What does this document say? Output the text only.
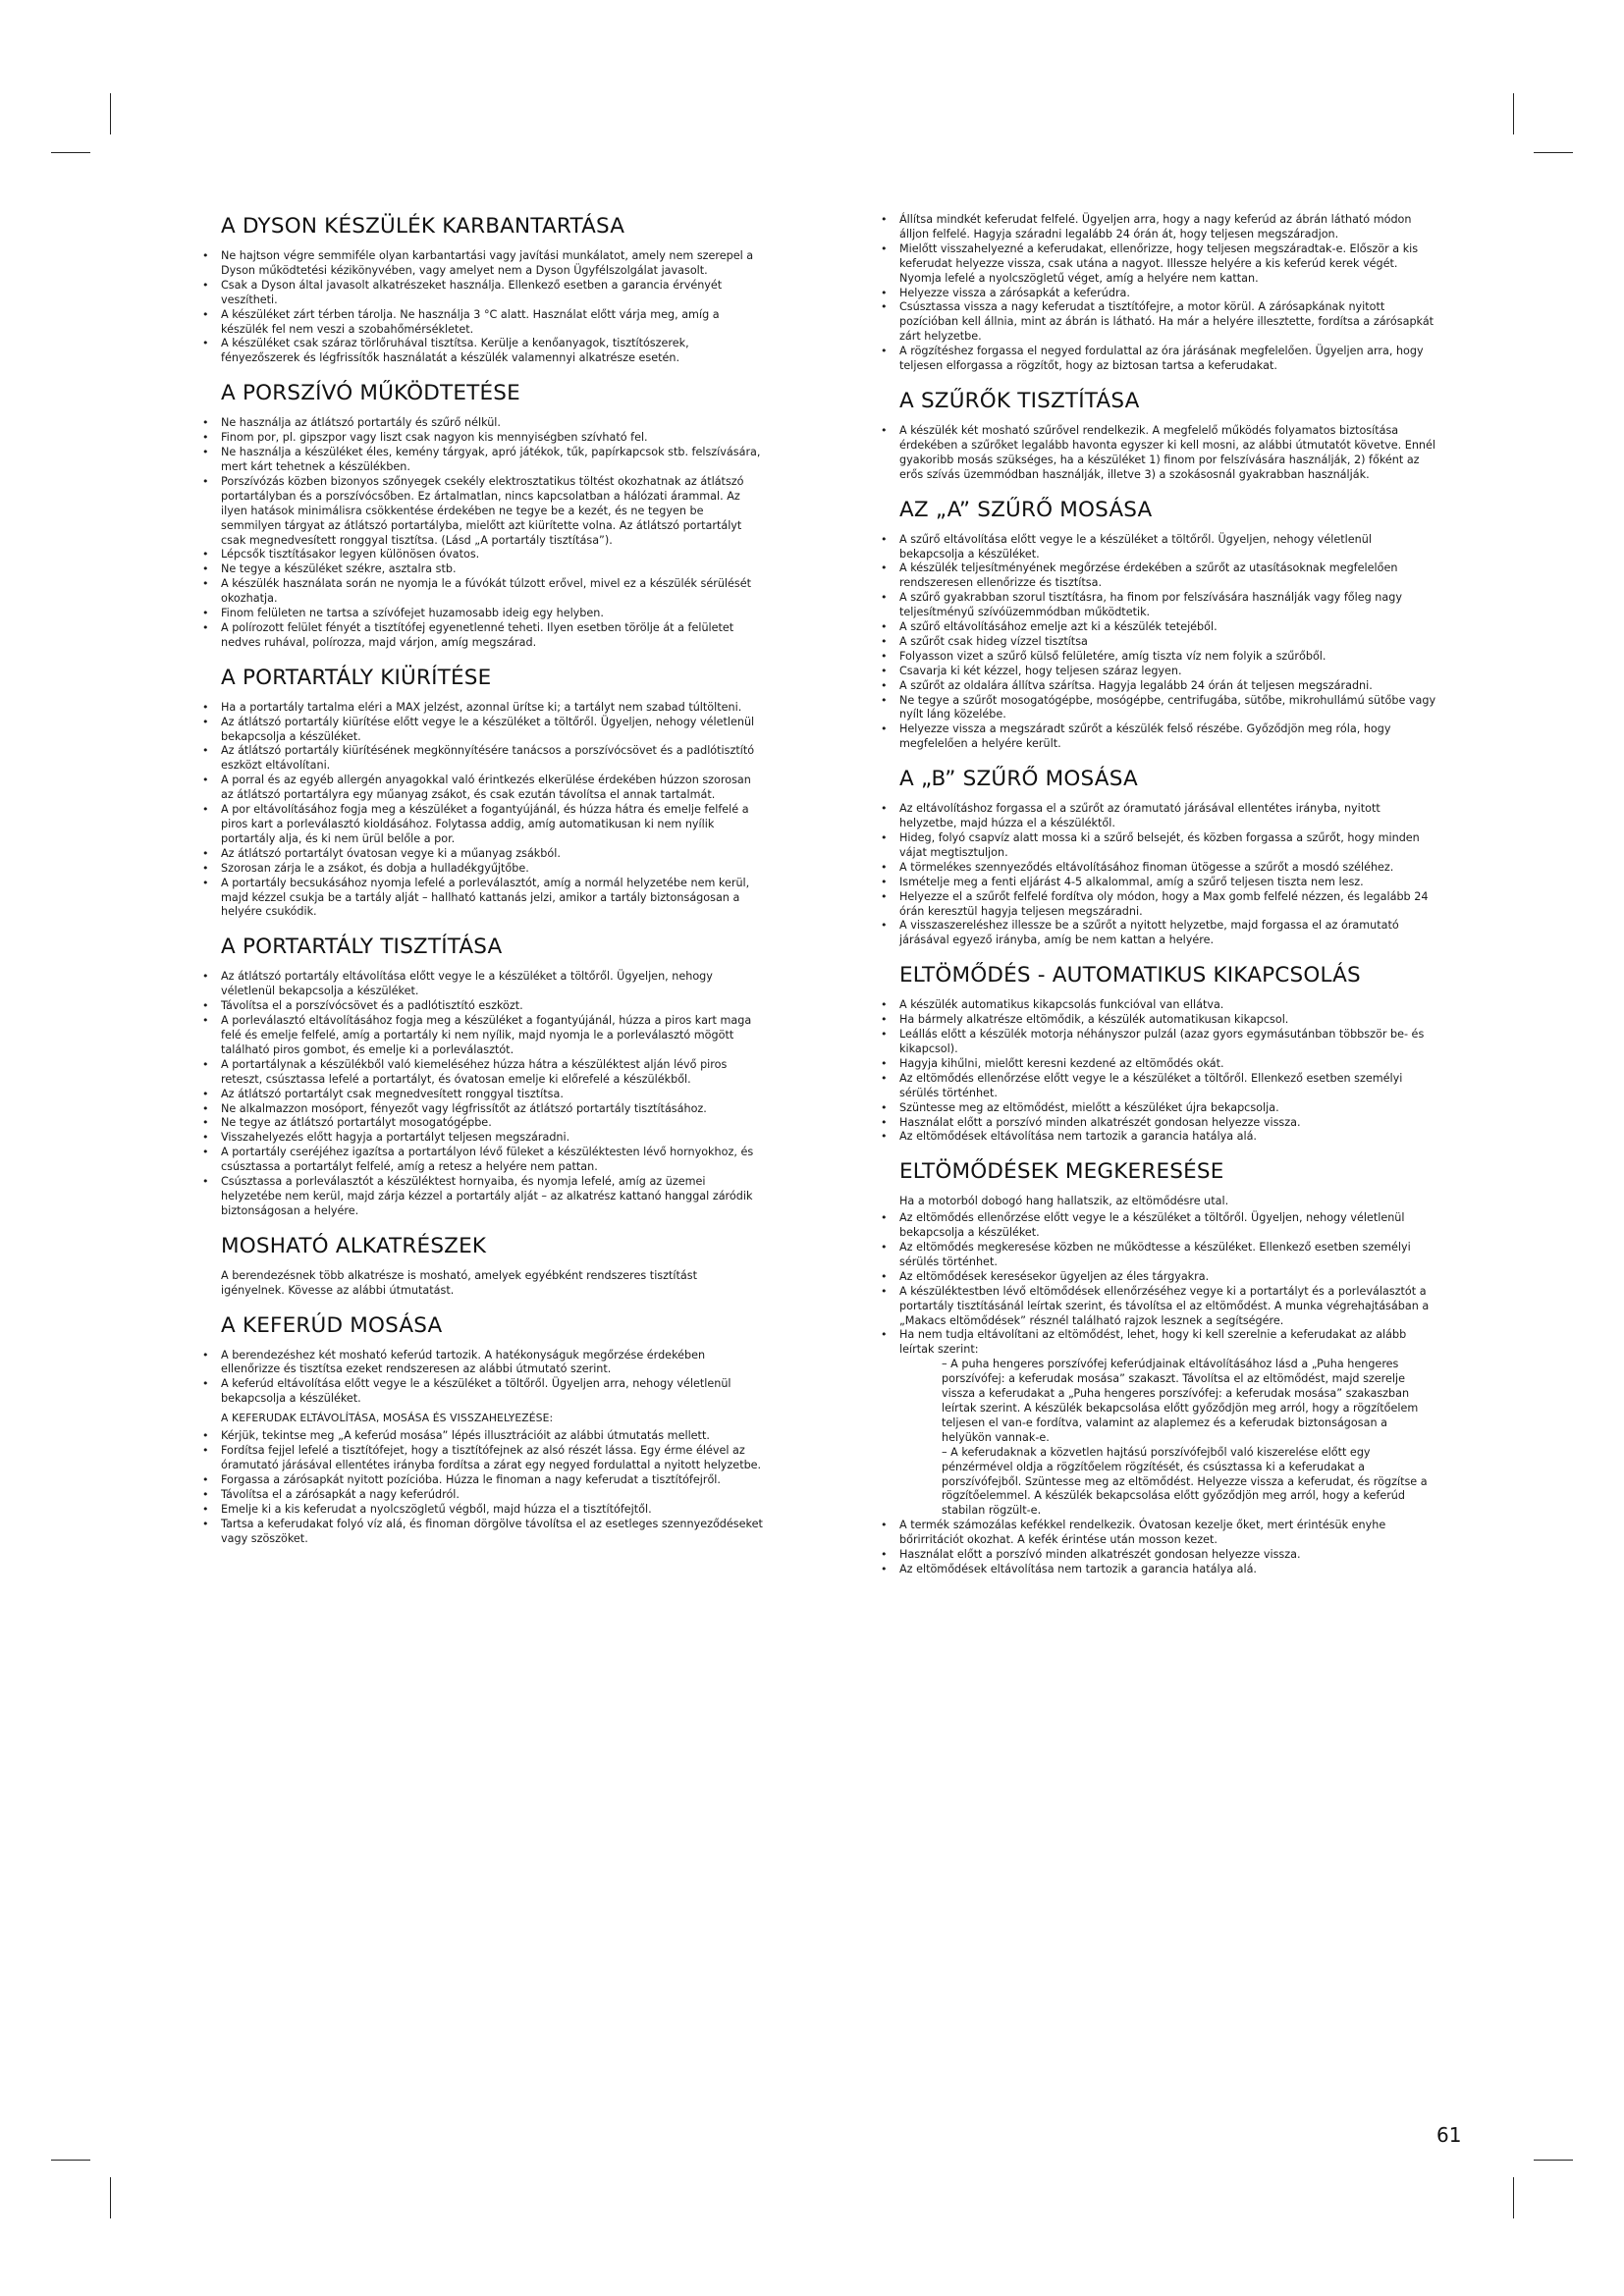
A DYSON KÉSZÜLÉK KARBANTARTÁSA
• Ne hajtson végre semmiféle olyan karbantartási vagy javítási munkálatot, amely nem szerepel a Dyson működtetési kézikönyvében, vagy amelyet nem a Dyson Ügyfélszolgálat javasolt.
• Csak a Dyson által javasolt alkatrészeket használja. Ellenkező esetben a garancia érvényét veszítheti.
• A készüléket zárt térben tárolja. Ne használja 3 °C alatt. Használat előtt várja meg, amíg a készülék fel nem veszi a szobahőmérsékletet.
• A készüléket csak száraz törlőruhával tisztítsa. Kerülje a kenőanyagok, tisztítószerek, fényezőszerek és légfrissítők használatát a készülék valamennyi alkatrésze esetén.
A PORSZÍVÓ MŰKÖDTETÉSE
• Ne használja az átlátszó portartály és szűrő nélkül.
• Finom por, pl. gipszpor vagy liszt csak nagyon kis mennyiségben szívható fel.
• Ne használja a készüléket éles, kemény tárgyak, apró játékok, tűk, papírkapcsok stb. felszívására, mert kárt tehetnek a készülékben.
• Porszívózás közben bizonyos szőnyegek csekély elektrosztatikus töltést okozhatnak az átlátszó portartályban és a porszívócsőben. Ez ártalmatlan, nincs kapcsolatban a hálózati árammal. Az ilyen hatások minimálisra csökkentése érdekében ne tegye be a kezét, és ne tegyen be semmilyen tárgyat az átlátszó portartályba, mielőtt azt kiürítette volna. Az átlátszó portartályt csak megnedvesített ronggyal tisztítsa. (Lásd „A portartály tisztítása”).
• Lépcsők tisztításakor legyen különösen óvatos.
• Ne tegye a készüléket székre, asztalra stb.
• A készülék használata során ne nyomja le a fúvókát túlzott erővel, mivel ez a készülék sérülését okozhatja.
• Finom felületen ne tartsa a szívófejet huzamosabb ideig egy helyben.
• A polírozott felület fényét a tisztítófej egyenetlenné teheti. Ilyen esetben törölje át a felületet nedves ruhával, polírozza, majd várjon, amíg megszárad.
A PORTARTÁLY KIÜRÍTÉSE
• Ha a portartály tartalma eléri a MAX jelzést, azonnal ürítse ki; a tartályt nem szabad túltölteni.
• Az átlátszó portartály kiürítése előtt vegye le a készüléket a töltőről. Ügyeljen, nehogy véletlenül bekapcsolja a készüléket.
• Az átlátszó portartály kiürítésének megkönnyítésére tanácsos a porszívócsövet és a padlótisztító eszközt eltávolítani.
• A porral és az egyéb allergén anyagokkal való érintkezés elkerülése érdekében húzzon szorosan az átlátszó portartályra egy műanyag zsákot, és csak ezután távolítsa el annak tartalmát.
• A por eltávolításához fogja meg a készüléket a fogantyújánál, és húzza hátra és emelje felfelé a piros kart a porleválasztó kioldásához. Folytassa addig, amíg automatikusan ki nem nyílik portartály alja, és ki nem ürül belőle a por.
• Az átlátszó portartályt óvatosan vegye ki a műanyag zsákból.
• Szorosan zárja le a zsákot, és dobja a hulladékgyűjtőbe.
• A portartály becsukásához nyomja lefelé a porleválasztót, amíg a normál helyzetébe nem kerül, majd kézzel csukja be a tartály alját – hallható kattanás jelzi, amikor a tartály biztonságosan a helyére csukódik.
A PORTARTÁLY TISZTÍTÁSA
• Az átlátszó portartály eltávolítása előtt vegye le a készüléket a töltőről. Ügyeljen, nehogy véletlenül bekapcsolja a készüléket.
• Távolítsa el a porszívócsövet és a padlótisztító eszközt.
• A porleválasztó eltávolításához fogja meg a készüléket a fogantyújánál, húzza a piros kart maga felé és emelje felfelé, amíg a portartály ki nem nyílik, majd nyomja le a porleválasztó mögött található piros gombot, és emelje ki a porleválasztót.
• A portartálynak a készülékből való kiemeléséhez húzza hátra a készüléktest alján lévő piros reteszt, csúsztassa lefelé a portartályt, és óvatosan emelje ki előrefelé a készülékből.
• Az átlátszó portartályt csak megnedvesített ronggyal tisztítsa.
• Ne alkalmazzon mosóport, fényezőt vagy légfrissítőt az átlátszó portartály tisztításához.
• Ne tegye az átlátszó portartályt mosogatógépbe.
• Visszahelyezés előtt hagyja a portartályt teljesen megszáradni.
• A portartály cseréjéhez igazítsa a portartályon lévő füleket a készüléktesten lévő hornyokhoz, és csúsztassa a portartályt felfelé, amíg a retesz a helyére nem pattan.
• Csúsztassa a porleválasztót a készüléktest hornyaiba, és nyomja lefelé, amíg az üzemei helyzetébe nem kerül, majd zárja kézzel a portartály alját – az alkatrész kattanó hanggal záródik biztonságosan a helyére.
MOSHATÓ ALKATRÉSZEK
A berendezésnek több alkatrésze is mosható, amelyek egyébként rendszeres tisztítást igényelnek. Kövesse az alábbi útmutatást.
A KEFERÚD MOSÁSA
• A berendezéshez két mosható keferúd tartozik. A hatékonyságuk megőrzése érdekében ellenőrizze és tisztítsa ezeket rendszeresen az alábbi útmutató szerint.
• A keferúd eltávolítása előtt vegye le a készüléket a töltőről. Ügyeljen arra, nehogy véletlenül bekapcsolja a készüléket.
A KEFERUDAK ELTÁVOLÍTÁSA, MOSÁSA ÉS VISSZAHELYEZÉSE:
• Kérjük, tekintse meg „A keferúd mosása” lépés illusztrációit az alábbi útmutatás mellett.
• Fordítsa fejjel lefelé a tisztítófejet, hogy a tisztítófejnek az alsó részét lássa. Egy érme élével az óramutató járásával ellentétes irányba fordítsa a zárat egy negyed fordulattal a nyitott helyzetbe.
• Forgassa a zárósapkát nyitott pozícióba. Húzza le finoman a nagy keferudat a tisztítófejről.
• Távolítsa el a zárósapkát a nagy keferúdról.
• Emelje ki a kis keferudat a nyolcszögletű végből, majd húzza el a tisztítófejtől.
• Tartsa a keferudakat folyó víz alá, és finoman dörgölve távolítsa el az esetleges szennyeződéseket vagy szöszöket.
• Állítsa mindkét keferudat felfelé. Ügyeljen arra, hogy a nagy keferúd az ábrán látható módon álljon felfelé. Hagyja száradni legalább 24 órán át, hogy teljesen megszáradjon.
• Mielőtt visszahelyezné a keferudakat, ellenőrizze, hogy teljesen megszáradtak-e. Először a kis keferudat helyezze vissza, csak utána a nagyot. Illessze helyére a kis keferúd kerek végét. Nyomja lefelé a nyolcszögletű véget, amíg a helyére nem kattan.
• Helyezze vissza a zárósapkát a keferúdra.
• Csúsztassa vissza a nagy keferudat a tisztítófejre, a motor körül. A zárósapkának nyitott pozícióban kell állnia, mint az ábrán is látható. Ha már a helyére illesztette, fordítsa a zárósapkát zárt helyzetbe.
• A rögzítéshez forgassa el negyed fordulattal az óra járásának megfelelően. Ügyeljen arra, hogy teljesen elforgassa a rögzítőt, hogy az biztosan tartsa a keferudakat.
A SZŰRŐK TISZTÍTÁSA
• A készülék két mosható szűrővel rendelkezik. A megfelelő működés folyamatos biztosítása érdekében a szűrőket legalább havonta egyszer ki kell mosni, az alábbi útmutatót követve. Ennél gyakoribb mosás szükséges, ha a készüléket 1) finom por felszívására használják, 2) főként az erős szívás üzemmódban használják, illetve 3) a szokásosnál gyakrabban használják.
AZ „A” SZŰRŐ MOSÁSA
• A szűrő eltávolítása előtt vegye le a készüléket a töltőről. Ügyeljen, nehogy véletlenül bekapcsolja a készüléket.
• A készülék teljesítményének megőrzése érdekében a szűrőt az utasításoknak megfelelően rendszeresen ellenőrizze és tisztítsa.
• A szűrő gyakrabban szorul tisztításra, ha finom por felszívására használják vagy főleg nagy teljesítményű szívóüzemmódban működtetik.
• A szűrő eltávolításához emelje azt ki a készülék tetejéből.
• A szűrőt csak hideg vízzel tisztítsa
• Folyasson vizet a szűrő külső felületére, amíg tiszta víz nem folyik a szűrőből.
• Csavarja ki két kézzel, hogy teljesen száraz legyen.
• A szűrőt az oldalára állítva szárítsa. Hagyja legalább 24 órán át teljesen megszáradni.
• Ne tegye a szűrőt mosogatógépbe, mosógépbe, centrifugába, sütőbe, mikrohullámú sütőbe vagy nyílt láng közelébe.
• Helyezze vissza a megszáradt szűrőt a készülék felső részébe. Győződjön meg róla, hogy megfelelően a helyére került.
A „B” SZŰRŐ MOSÁSA
• Az eltávolításhoz forgassa el a szűrőt az óramutató járásával ellentétes irányba, nyitott helyzetbe, majd húzza el a készüléktől.
• Hideg, folyó csapvíz alatt mossa ki a szűrő belsejét, és közben forgassa a szűrőt, hogy minden vájat megtisztuljon.
• A törmelékes szennyeződés eltávolításához finoman ütögesse a szűrőt a mosdó széléhez.
• Ismételje meg a fenti eljárást 4-5 alkalommal, amíg a szűrő teljesen tiszta nem lesz.
• Helyezze el a szűrőt felfelé fordítva oly módon, hogy a Max gomb felfelé nézzen, és legalább 24 órán keresztül hagyja teljesen megszáradni.
• A visszaszereléshez illessze be a szűrőt a nyitott helyzetbe, majd forgassa el az óramutató járásával egyező irányba, amíg be nem kattan a helyére.
ELTÖMŐDÉS - AUTOMATIKUS KIKAPCSOLÁS
• A készülék automatikus kikapcsolás funkcióval van ellátva.
• Ha bármely alkatrésze eltömődik, a készülék automatikusan kikapcsol.
• Leállás előtt a készülék motorja néhányszor pulzál (azaz gyors egymásutánban többször be- és kikapcsol).
• Hagyja kihűlni, mielőtt keresni kezdené az eltömődés okát.
• Az eltömődés ellenőrzése előtt vegye le a készüléket a töltőről. Ellenkező esetben személyi sérülés történhet.
• Szüntesse meg az eltömődést, mielőtt a készüléket újra bekapcsolja.
• Használat előtt a porszívó minden alkatrészét gondosan helyezze vissza.
• Az eltömődések eltávolítása nem tartozik a garancia hatálya alá.
ELTÖMŐDÉSEK MEGKERESÉSE
Ha a motorból dobogó hang hallatszik, az eltömődésre utal.
• Az eltömődés ellenőrzése előtt vegye le a készüléket a töltőről. Ügyeljen, nehogy véletlenül bekapcsolja a készüléket.
• Az eltömődés megkeresése közben ne működtesse a készüléket. Ellenkező esetben személyi sérülés történhet.
• Az eltömődések keresésekor ügyeljen az éles tárgyakra.
• A készüléktestben lévő eltömődések ellenőrzéséhez vegye ki a portartályt és a porleválasztót a portartály tisztításánál leírtak szerint, és távolítsa el az eltömődést. A munka végrehajtásában a „Makacs eltömődések” résznél található rajzok lesznek a segítségére.
• Ha nem tudja eltávolítani az eltömődést, lehet, hogy ki kell szerelnie a keferudakat az alább leírtak szerint:
– A puha hengeres porszívófej keferúdjainak eltávolításához lásd a „Puha hengeres porszívófej: a keferudak mosása” szakaszt. Távolítsa el az eltömődést, majd szerelje vissza a keferudakat a „Puha hengeres porszívófej: a keferudak mosása” szakaszban leírtak szerint. A készülék bekapcsolása előtt győződjön meg arról, hogy a rögzítőelem teljesen el van-e fordítva, valamint az alaplemez és a keferudak biztonságosan a helyükön vannak-e.
– A keferudaknak a közvetlen hajtású porszívófejből való kiszerelése előtt egy pénzérmével oldja a rögzítőelem rögzítését, és csúsztassa ki a keferudakat a porszívófejből. Szüntesse meg az eltömődést. Helyezze vissza a keferudat, és rögzítse a rögzítőelemmel. A készülék bekapcsolása előtt győződjön meg arról, hogy a keferúd stabilan rögzült-e.
• A termék számozálas kefékkel rendelkezik. Óvatosan kezelje őket, mert érintésük enyhe bőrirritációt okozhat. A kefék érintése után mosson kezet.
• Használat előtt a porszívó minden alkatrészét gondosan helyezze vissza.
• Az eltömődések eltávolítása nem tartozik a garancia hatálya alá.
61
